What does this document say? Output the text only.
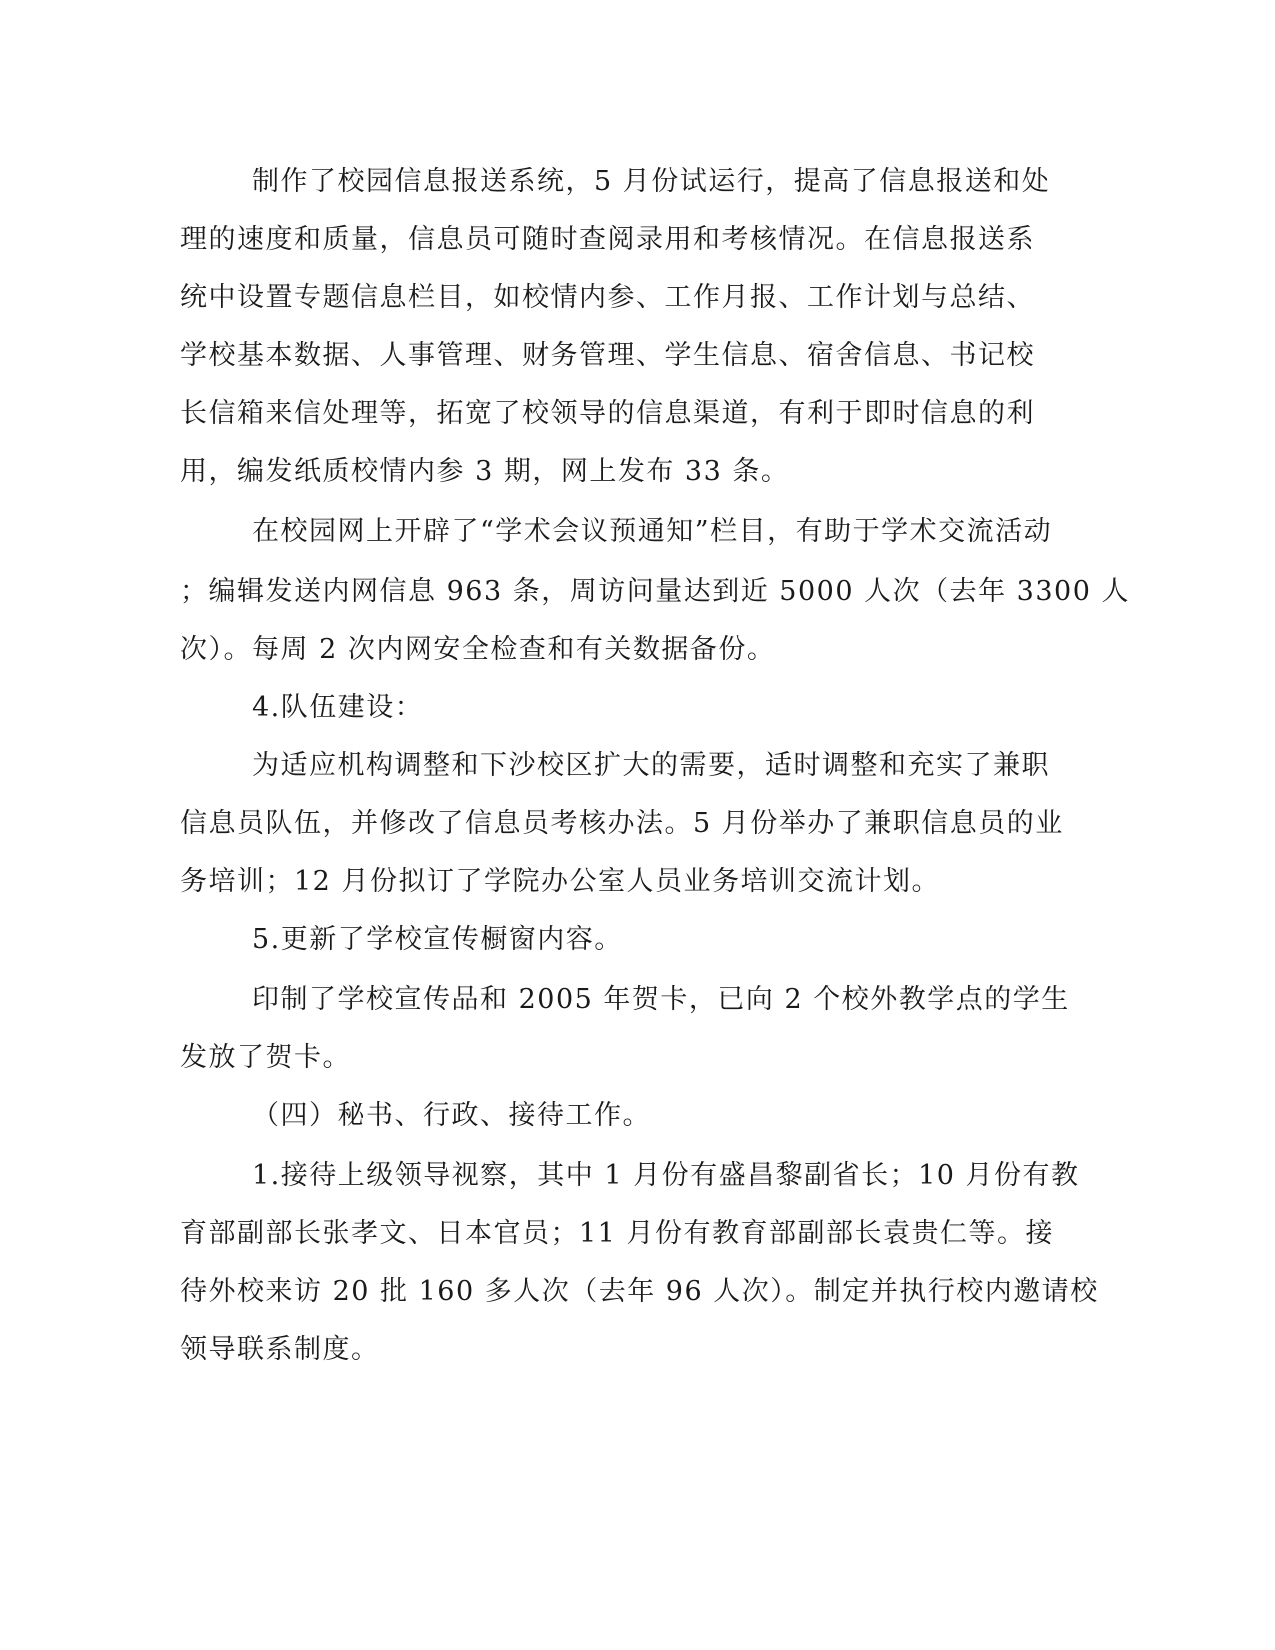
制作了校园信息报送系统，5 月份试运行，提高了信息报送和处
理的速度和质量，信息员可随时查阅录用和考核情况。在信息报送系
统中设置专题信息栏目，如校情内参、工作月报、工作计划与总结、
学校基本数据、人事管理、财务管理、学生信息、宿舍信息、书记校
长信箱来信处理等，拓宽了校领导的信息渠道，有利于即时信息的利
用，编发纸质校情内参 3 期，网上发布 33 条。
在校园网上开辟了“学术会议预通知”栏目，有助于学术交流活动
；编辑发送内网信息 963 条，周访问量达到近 5000 人次（去年 3300 人
次）。每周 2 次内网安全检查和有关数据备份。
4.队伍建设：
为适应机构调整和下沙校区扩大的需要，适时调整和充实了兼职
信息员队伍，并修改了信息员考核办法。5 月份举办了兼职信息员的业
务培训；12 月份拟订了学院办公室人员业务培训交流计划。
5.更新了学校宣传橱窗内容。
印制了学校宣传品和 2005 年贺卡，已向 2 个校外教学点的学生
发放了贺卡。
（四）秘书、行政、接待工作。
1.接待上级领导视察，其中 1 月份有盛昌黎副省长；10 月份有教
育部副部长张孝文、日本官员；11 月份有教育部副部长袁贵仁等。接
待外校来访 20 批 160 多人次（去年 96 人次）。制定并执行校内邀请校
领导联系制度。
